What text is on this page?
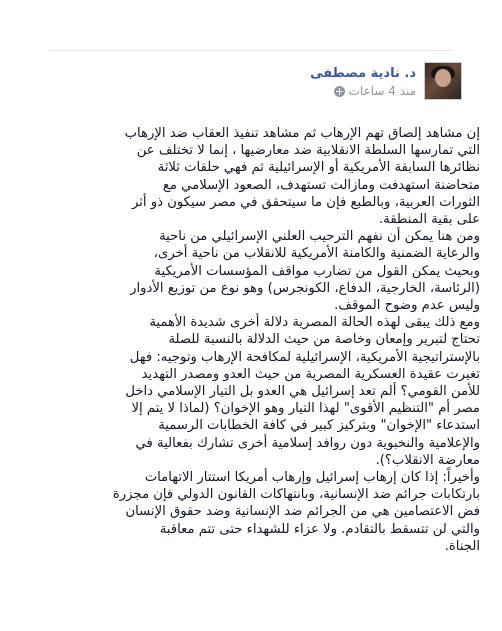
د. نادية مصطفى
منذ 4 ساعات
إن مشاهد إلصاق تهم الإرهاب ثم مشاهد تنفيذ العقاب ضد الإرهاب
التي تمارسها السلطة الانقلابية ضد معارضيها ، إنما لا تختلف عن
نظائرها السابقة الأمريكية أو الإسرائيلية ثم فهي حلقات ثلاثة
متحاضنة استهدفت ومازالت تستهدف، الصعود الإسلامي مع
الثورات العربية، وبالطبع فإن ما سيتحقق في مصر سيكون ذو أثر
على بقية المنطقة.
ومن هنا يمكن أن نفهم الترحيب العلني الإسرائيلي من ناحية
والرعاية الضمنية والكامنة الأمريكية للانقلاب من ناحية أخرى،
وبحيث يمكن القول من تضارب مواقف المؤسسات الأمريكية
(الرئاسة، الخارجية، الدفاع، الكونجرس) وهو نوع من توزيع الأدوار
وليس عدم وضوح الموقف.
ومع ذلك يبقى لهذه الحالة المصرية دلالة أخرى شديدة الأهمية
تحتاج لتبرير وإمعان وخاصة من حيث الدلالة بالنسبة للصلة
بالإستراتيجية الأمريكية، الإسرائيلية لمكافحة الإرهاب وتوجيه: فهل
تغيرت عقيدة العسكرية المصرية من حيث العدو ومصدر التهديد
للأمن القومي؟ ألم تعد إسرائيل هي العدو بل التيار الإسلامي داخل
مصر أم "التنظيم الأقوى" لهذا التيار وهو الإخوان؟ (لماذا لا يتم إلا
استدعاء "الإخوان" وبتركيز كبير في كافة الخطابات الرسمية
والإعلامية والنخبوية دون روافد إسلامية أخرى تشارك بفعالية في
معارضة الانقلاب؟).
وأخيراً: إذا كان إرهاب إسرائيل وإرهاب أمريكا استتار الاتهامات
بارتكابات جرائم ضد الإنسانية، وبانتهاكات القانون الدولي فإن مجزرة
فض الاعتصامين هي من الجرائم ضد الإنسانية وضد حقوق الإنسان
والتي لن تتسقط بالتقادم. ولا عزاء للشهداء حتى تتم معاقبة
الجناة.
